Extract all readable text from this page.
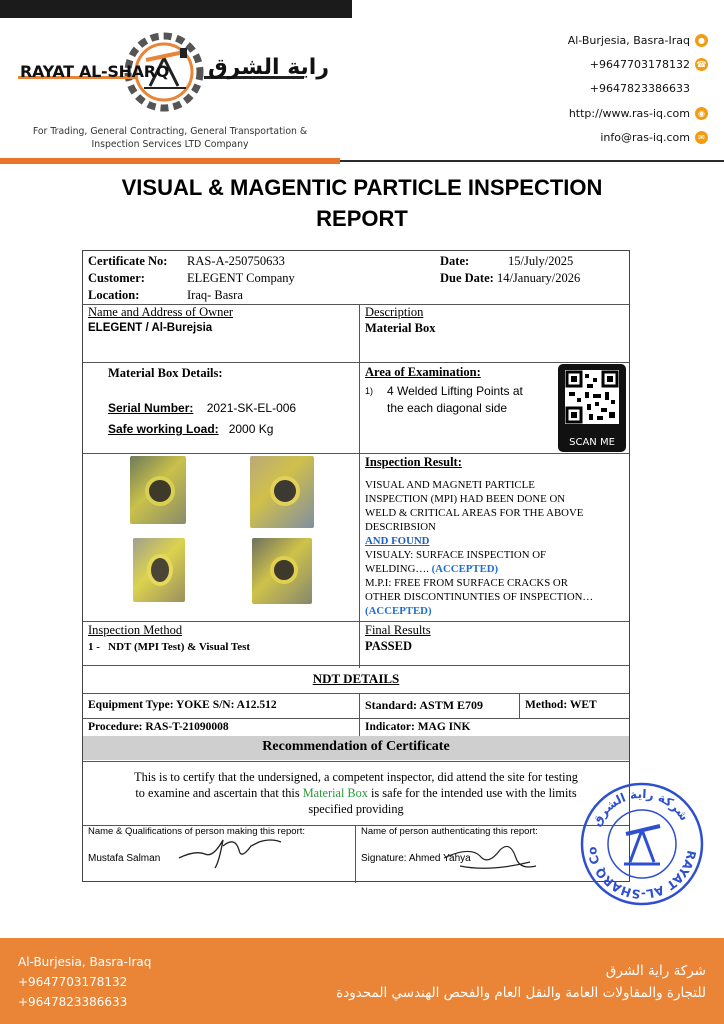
RAYAT AL-SHARQ راية الشرق
For Trading, General Contracting, General Transportation & Inspection Services LTD Company
Al-Burjesia, Basra-Iraq	●
+9647703178132 ☎
+9647823386633
http://www.ras-iq.com	◉
info@ras-iq.com	✉
VISUAL & MAGENTIC PARTICLE INSPECTION
REPORT
Certificate No: RAS-A-250750633
Customer:	ELEGENT Company
Location:	Iraq- Basra
Date:	15/July/2025
Due Date: 14/January/2026
Name and Address of Owner
ELEGENT / Al-Burejsia
Description
Material Box
Material Box Details:
Serial Number: 2021-SK-EL-006
Safe working Load: 2000 Kg
Area of Examination:
1) 4 Welded Lifting Points at
the each diagonal side
SCAN ME
Inspection Result:
VISUAL AND MAGNETI PARTICLE
INSPECTION (MPI) HAD BEEN DONE ON
WELD & CRITICAL AREAS FOR THE ABOVE
DESCRIBSION
AND FOUND
VISUALY: SURFACE INSPECTION OF
WELDING…. (ACCEPTED)
M.P.I: FREE FROM SURFACE CRACKS OR
OTHER DISCONTINUNTIES OF INSPECTION…
(ACCEPTED)
Inspection Method
1 - NDT (MPI Test) & Visual Test
Final Results
PASSED
NDT DETAILS
Equipment Type: YOKE S/N: A12.512	Standard: ASTM E709	Method: WET
Procedure: RAS-T-21090008	Indicator: MAG INK
Recommendation of Certificate
This is to certify that the undersigned, a competent inspector, did attend the site for testing
to examine and ascertain that this Material Box is safe for the intended use with the limits
specified providing
Name & Qualifications of person making this report:
Mustafa Salman
Name of person authenticating this report:
Signature: Ahmed Yahya	RAYAT AL-SHARQ Co
شركة راية الشرق
Al-Burjesia, Basra-Iraq
+9647703178132
+9647823386633
شركة راية الشرق
للتجارة والمقاولات العامة والنقل العام والفحص الهندسي المحدودة
